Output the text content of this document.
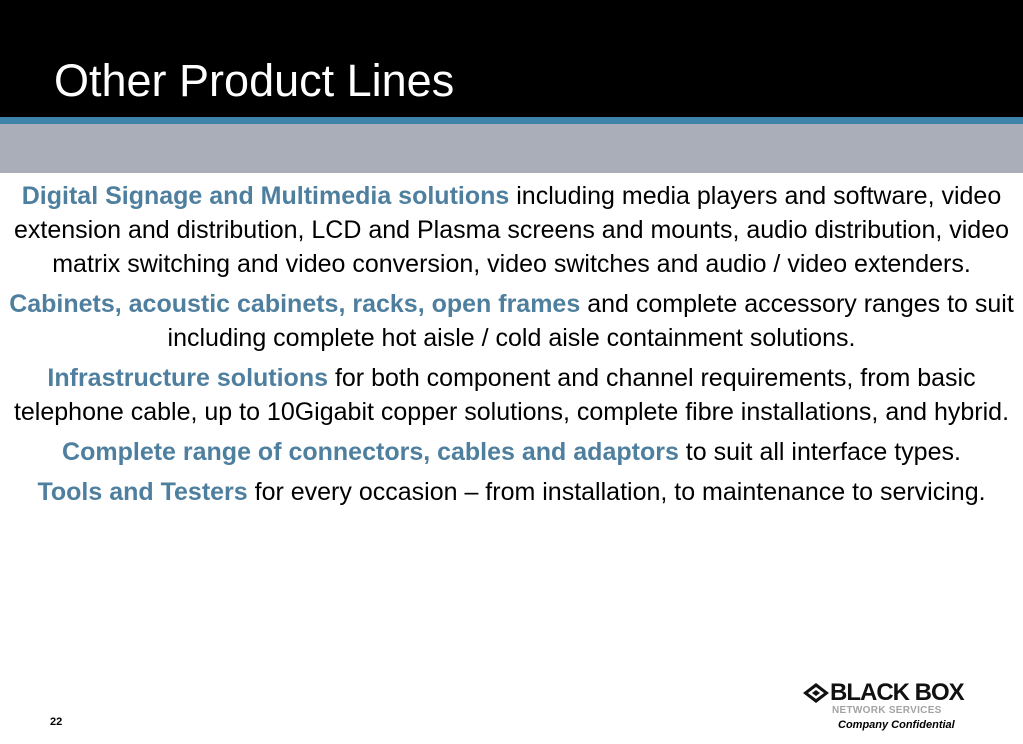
Other Product Lines

Digital Signage and Multimedia solutions including media players and software, video extension and distribution, LCD and Plasma screens and mounts, audio distribution, video matrix switching and video conversion, video switches and audio / video extenders.

Cabinets, acoustic cabinets, racks, open frames and complete accessory ranges to suit including complete hot aisle / cold aisle containment solutions.

Infrastructure solutions for both component and channel requirements, from basic telephone cable, up to 10Gigabit copper solutions, complete fibre installations, and hybrid.

Complete range of connectors, cables and adaptors to suit all interface types.

Tools and Testers for every occasion – from installation, to maintenance to servicing.

22
BLACK BOX
NETWORK SERVICES
Company Confidential
